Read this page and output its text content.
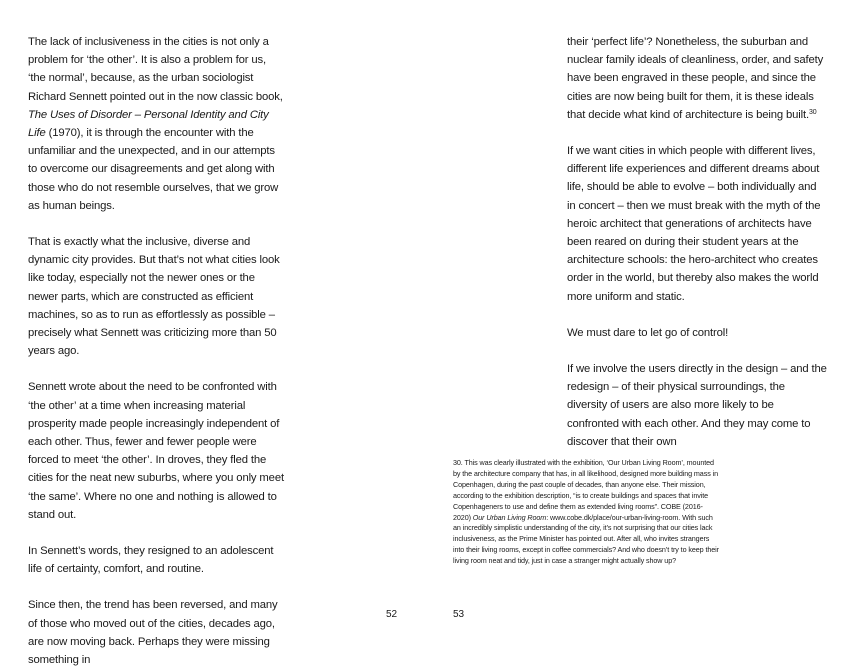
The lack of inclusiveness in the cities is not only a problem for ‘the other’. It is also a problem for us, ‘the normal’, because, as the urban sociologist Richard Sennett pointed out in the now classic book, The Uses of Disorder – Personal Identity and City Life (1970), it is through the encounter with the unfamiliar and the unexpected, and in our attempts to overcome our disagreements and get along with those who do not resemble ourselves, that we grow as human beings.

That is exactly what the inclusive, diverse and dynamic city provides. But that’s not what cities look like today, especially not the newer ones or the newer parts, which are constructed as efficient machines, so as to run as effortlessly as possible – precisely what Sennett was criticizing more than 50 years ago.

Sennett wrote about the need to be confronted with ‘the other’ at a time when increasing material prosperity made people increasingly independent of each other. Thus, fewer and fewer people were forced to meet ‘the other’. In droves, they fled the cities for the neat new suburbs, where you only meet ‘the same’. Where no one and nothing is allowed to stand out.

In Sennett’s words, they resigned to an adolescent life of certainty, comfort, and routine.

Since then, the trend has been reversed, and many of those who moved out of the cities, decades ago, are now moving back. Perhaps they were missing something in

52

their ‘perfect life’? Nonetheless, the suburban and nuclear family ideals of cleanliness, order, and safety have been engraved in these people, and since the cities are now being built for them, it is these ideals that decide what kind of architecture is being built.$^{30}$

If we want cities in which people with different lives, different life experiences and different dreams about life, should be able to evolve – both individually and in concert – then we must break with the myth of the heroic architect that generations of architects have been reared on during their student years at the architecture schools: the hero-architect who creates order in the world, but thereby also makes the world more uniform and static.

We must dare to let go of control!

If we involve the users directly in the design – and the redesign – of their physical surroundings, the diversity of users are also more likely to be confronted with each other. And they may come to discover that their own

30. This was clearly illustrated with the exhibition, ‘Our Urban Living Room’, mounted by the architecture company that has, in all likelihood, designed more building mass in Copenhagen, during the past couple of decades, than anyone else. Their mission, according to the exhibition description, “is to create buildings and spaces that invite Copenhageners to use and define them as extended living rooms”. COBE (2016-2020) Our Urban Living Room: www.cobe.dk/place/our-urban-living-room. With such an incredibly simplistic understanding of the city, it’s not surprising that our cities lack inclusiveness, as the Prime Minister has pointed out. After all, who invites strangers into their living rooms, except in coffee commercials? And who doesn’t try to keep their living room neat and tidy, just in case a stranger might actually show up?

53
